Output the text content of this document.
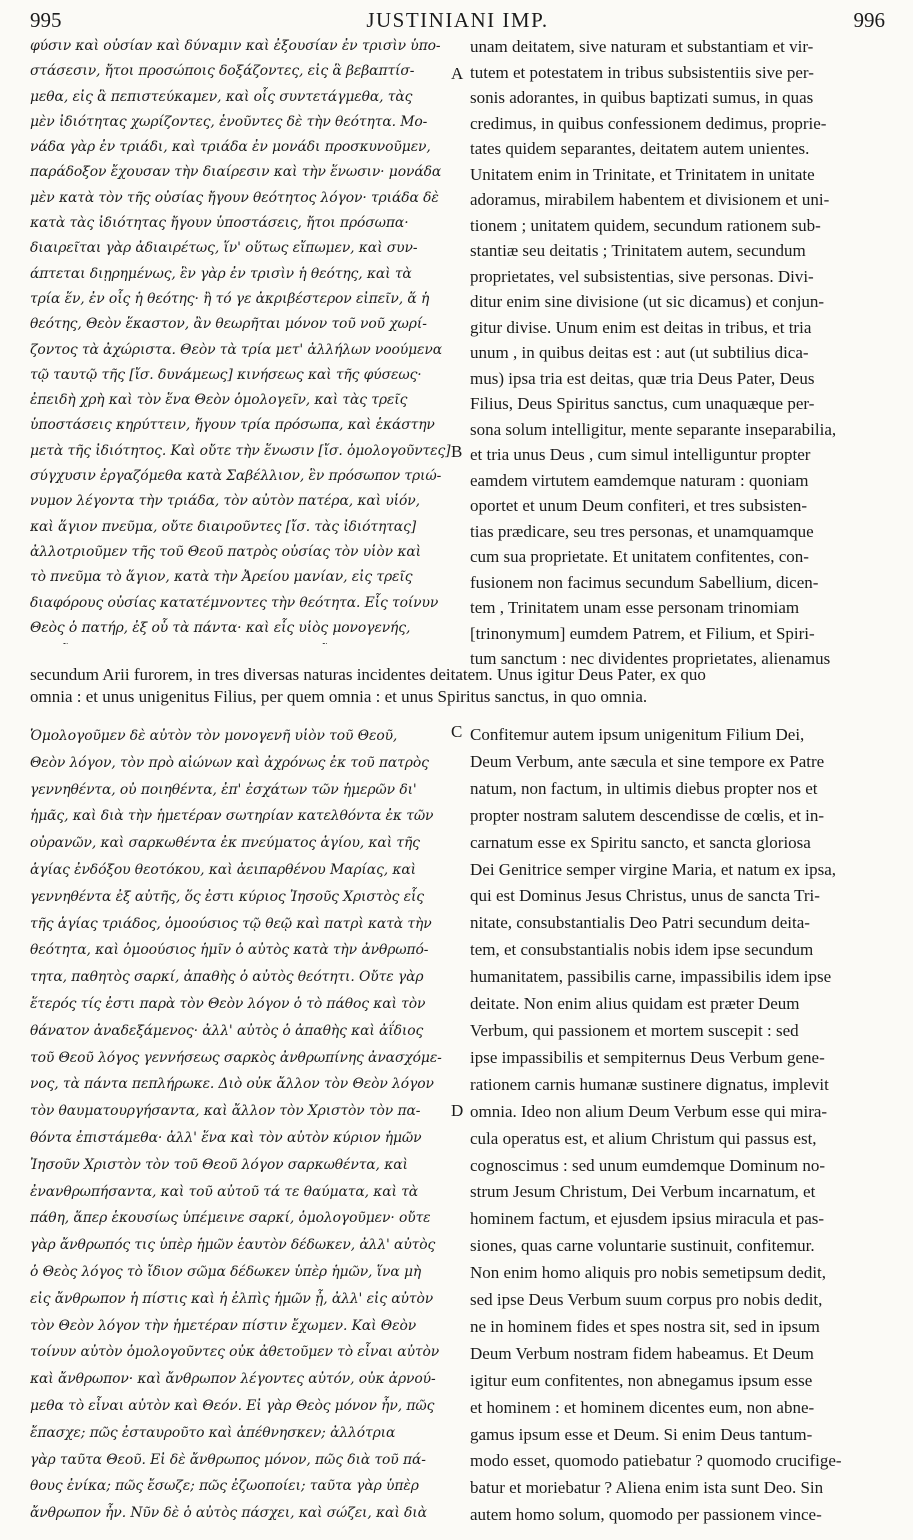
995	JUSTINIANI IMP.	996
φύσιν καὶ οὐσίαν καὶ δύναμιν καὶ ἐξουσίαν ἐν τρισὶν ὑπο-
στάσεσιν, ἤτοι προσώποις δοξάζοντες, εἰς ἃ βεβαπτίσ-
μεθα, εἰς ἃ πεπιστεύκαμεν, καὶ οἷς συντετάγμεθα, τὰς
μὲν ἰδιότητας χωρίζοντες, ἑνοῦντες δὲ τὴν θεότητα. Μο-
νάδα γὰρ ἐν τριάδι, καὶ τριάδα ἐν μονάδι προσκυνοῦμεν,
παράδοξον ἔχουσαν τὴν διαίρεσιν καὶ τὴν ἕνωσιν· μονάδα
μὲν κατὰ τὸν τῆς οὐσίας ἤγουν θεότητος λόγον· τριάδα δὲ
κατὰ τὰς ἰδιότητας ἤγουν ὑποστάσεις, ἤτοι πρόσωπα·
διαιρεῖται γὰρ ἀδιαιρέτως, ἵν' οὕτως εἴπωμεν, καὶ συν-
άπτεται διῃρημένως, ἓν γὰρ ἐν τρισὶν ἡ θεότης, καὶ τὰ
τρία ἕν, ἐν οἷς ἡ θεότης· ἢ τό γε ἀκριβέστερον εἰπεῖν, ἅ ἡ
θεότης, Θεὸν ἕκαστον, ἂν θεωρῆται μόνον τοῦ νοῦ χωρί-
ζοντος τὰ ἀχώριστα. Θεὸν τὰ τρία μετ' ἀλλήλων νοούμενα
τῷ ταυτῷ τῆς [ἴσ. δυνάμεως] κινήσεως καὶ τῆς φύσεως·
ἐπειδὴ χρὴ καὶ τὸν ἕνα Θεὸν ὁμολογεῖν, καὶ τὰς τρεῖς
ὑποστάσεις κηρύττειν, ἤγουν τρία πρόσωπα, καὶ ἑκάστην
μετὰ τῆς ἰδιότητος. Καὶ οὔτε τὴν ἕνωσιν [ἴσ. ὁμολογοῦντες]
σύγχυσιν ἐργαζόμεθα κατὰ Σαβέλλιον, ἓν πρόσωπον τριώ-
νυμον λέγοντα τὴν τριάδα, τὸν αὐτὸν πατέρα, καὶ υἱόν,
καὶ ἅγιον πνεῦμα, οὔτε διαιροῦντες [ἴσ. τὰς ἰδιότητας]
ἀλλοτριοῦμεν τῆς τοῦ Θεοῦ πατρὸς οὐσίας τὸν υἱὸν καὶ
τὸ πνεῦμα τὸ ἅγιον, κατὰ τὴν Ἀρείου μανίαν, εἰς τρεῖς
διαφόρους οὐσίας κατατέμνοντες τὴν θεότητα. Εἷς τοίνυν
Θεὸς ὁ πατήρ, ἐξ οὗ τὰ πάντα· καὶ εἷς υἱὸς μονογενής,

unam deitatem, sive naturam et substantiam et vir-
tutem et potestatem in tribus subsistentiis sive per-
sonis adorantes, in quibus baptizati sumus, in quas
credimus, in quibus confessionem dedimus, proprie-
tates quidem separantes, deitatem autem unientes.
Unitatem enim in Trinitate, et Trinitatem in unitate
adoramus, mirabilem habentem et divisionem et uni-
tionem ; unitatem quidem, secundum rationem sub-
stantiæ seu deitatis ; Trinitatem autem, secundum
proprietates, vel subsistentias, sive personas. Divi-
ditur enim sine divisione (ut sic dicamus) et conjun-
gitur divise. Unum enim est deitas in tribus, et tria
unum , in quibus deitas est : aut (ut subtilius dica-
mus) ipsa tria est deitas, quæ tria Deus Pater, Deus
Filius, Deus Spiritus sanctus, cum unaquæque per-
sona solum intelligitur, mente separante inseparabilia,
et tria unus Deus , cum simul intelliguntur propter
eamdem virtutem eamdemque naturam : quoniam
oportet et unum Deum confiteri, et tres subsisten-
tias prædicare, seu tres personas, et unamquamque
cum sua proprietate. Et unitatem confitentes, con-
fusionem non facimus secundum Sabellium, dicen-
tem , Trinitatem unam esse personam trinomiam
[trinonymum] eumdem Patrem, et Filium, et Spiri-
tum sanctum : nec dividentes proprietates, alienamus

A
B
secundum Arii furorem, in tres diversas naturas incidentes deitatem. Unus igitur Deus Pater, ex quo
omnia : et unus unigenitus Filius, per quem omnia : et unus Spiritus sanctus, in quo omnia.
Ὁμολογοῦμεν δὲ αὐτὸν τὸν μονογενῆ υἱὸν τοῦ Θεοῦ,
Θεὸν λόγον, τὸν πρὸ αἰώνων καὶ ἀχρόνως ἐκ τοῦ πατρὸς
γεννηθέντα, οὐ ποιηθέντα, ἐπ' ἐσχάτων τῶν ἡμερῶν δι'
ἡμᾶς, καὶ διὰ τὴν ἡμετέραν σωτηρίαν κατελθόντα ἐκ τῶν
οὐρανῶν, καὶ σαρκωθέντα ἐκ πνεύματος ἁγίου, καὶ τῆς
ἁγίας ἐνδόξου θεοτόκου, καὶ ἀειπαρθένου Μαρίας, καὶ
γεννηθέντα ἐξ αὐτῆς, ὅς ἐστι κύριος Ἰησοῦς Χριστὸς εἷς
τῆς ἁγίας τριάδος, ὁμοούσιος τῷ θεῷ καὶ πατρὶ κατὰ τὴν
θεότητα, καὶ ὁμοούσιος ἡμῖν ὁ αὐτὸς κατὰ τὴν ἀνθρωπό-
τητα, παθητὸς σαρκί, ἀπαθὴς ὁ αὐτὸς θεότητι. Οὔτε γὰρ
ἕτερός τίς ἐστι παρὰ τὸν Θεὸν λόγον ὁ τὸ πάθος καὶ τὸν
θάνατον ἀναδεξάμενος· ἀλλ' αὐτὸς ὁ ἀπαθὴς καὶ ἀΐδιος
τοῦ Θεοῦ λόγος γεννήσεως σαρκὸς ἀνθρωπίνης ἀνασχόμε-
νος, τὰ πάντα πεπλήρωκε. Διὸ οὐκ ἄλλον τὸν Θεὸν λόγον
τὸν θαυματουργήσαντα, καὶ ἄλλον τὸν Χριστὸν τὸν πα-
θόντα ἐπιστάμεθα· ἀλλ' ἕνα καὶ τὸν αὐτὸν κύριον ἡμῶν
Ἰησοῦν Χριστὸν τὸν τοῦ Θεοῦ λόγον σαρκωθέντα, καὶ
ἐνανθρωπήσαντα, καὶ τοῦ αὐτοῦ τά τε θαύματα, καὶ τὰ
πάθη, ἅπερ ἑκουσίως ὑπέμεινε σαρκί, ὁμολογοῦμεν· οὔτε
γὰρ ἄνθρωπός τις ὑπὲρ ἡμῶν ἑαυτὸν δέδωκεν, ἀλλ' αὐτὸς
ὁ Θεὸς λόγος τὸ ἴδιον σῶμα δέδωκεν ὑπὲρ ἡμῶν, ἵνα μὴ
εἰς ἄνθρωπον ἡ πίστις καὶ ἡ ἐλπὶς ἡμῶν ᾖ, ἀλλ' εἰς αὐτὸν
τὸν Θεὸν λόγον τὴν ἡμετέραν πίστιν ἔχωμεν. Καὶ Θεὸν
τοίνυν αὐτὸν ὁμολογοῦντες οὐκ ἀθετοῦμεν τὸ εἶναι αὐτὸν
καὶ ἄνθρωπον· καὶ ἄνθρωπον λέγοντες αὐτόν, οὐκ ἀρνού-
μεθα τὸ εἶναι αὐτὸν καὶ Θεόν. Εἰ γὰρ Θεὸς μόνον ἦν, πῶς
ἔπασχε; πῶς ἐσταυροῦτο καὶ ἀπέθνησκεν; ἀλλότρια
γὰρ ταῦτα Θεοῦ. Εἰ δὲ ἄνθρωπος μόνον, πῶς διὰ τοῦ πά-
θους ἐνίκα; πῶς ἔσωζε; πῶς ἐζωοποίει; ταῦτα γὰρ ὑπὲρ
ἄνθρωπον ἦν. Νῦν δὲ ὁ αὐτὸς πάσχει, καὶ σώζει, καὶ διὰ

Confitemur autem ipsum unigenitum Filium Dei,
Deum Verbum, ante sæcula et sine tempore ex Patre
natum, non factum, in ultimis diebus propter nos et
propter nostram salutem descendisse de cœlis, et in-
carnatum esse ex Spiritu sancto, et sancta gloriosa
Dei Genitrice semper virgine Maria, et natum ex ipsa,
qui est Dominus Jesus Christus, unus de sancta Tri-
nitate, consubstantialis Deo Patri secundum deita-
tem, et consubstantialis nobis idem ipse secundum
humanitatem, passibilis carne, impassibilis idem ipse
deitate. Non enim alius quidam est præter Deum
Verbum, qui passionem et mortem suscepit : sed
ipse impassibilis et sempiternus Deus Verbum gene-
rationem carnis humanæ sustinere dignatus, implevit
omnia. Ideo non alium Deum Verbum esse qui mira-
cula operatus est, et alium Christum qui passus est,
cognoscimus : sed unum eumdemque Dominum no-
strum Jesum Christum, Dei Verbum incarnatum, et
hominem factum, et ejusdem ipsius miracula et pas-
siones, quas carne voluntarie sustinuit, confitemur.
Non enim homo aliquis pro nobis semetipsum dedit,
sed ipse Deus Verbum suum corpus pro nobis dedit,
ne in hominem fides et spes nostra sit, sed in ipsum
Deum Verbum nostram fidem habeamus. Et Deum
igitur eum confitentes, non abnegamus ipsum esse
et hominem : et hominem dicentes eum, non abne-
gamus ipsum esse et Deum. Si enim Deus tantum-
modo esset, quomodo patiebatur ? quomodo crucifige-
batur et moriebatur ? Aliena enim ista sunt Deo. Sin
autem homo solum, quomodo per passionem vince-

C
D
